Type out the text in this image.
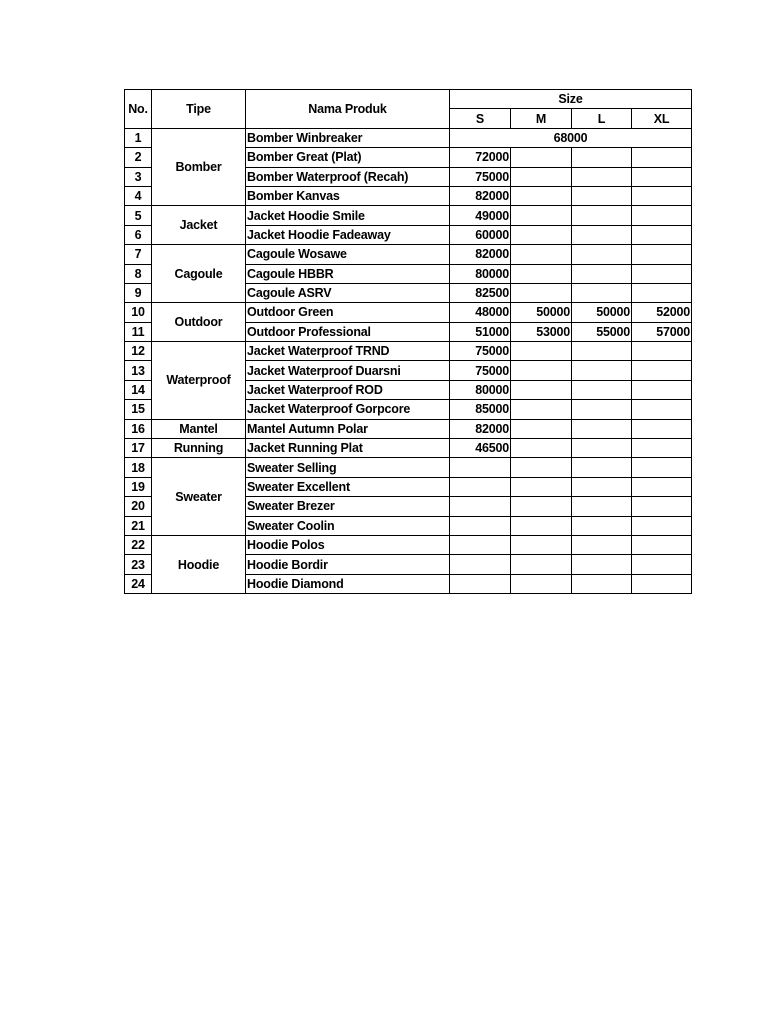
No.	Tipe	Nama Produk	Size			
			S	M	L	XL
1	Bomber	Bomber Winbreaker	68000			
2		Bomber Great (Plat)	72000			
3		Bomber Waterproof (Recah)	75000			
4		Bomber Kanvas	82000			
5	Jacket	Jacket Hoodie Smile	49000			
6		Jacket Hoodie Fadeaway	60000			
7	Cagoule	Cagoule Wosawe	82000			
8		Cagoule HBBR	80000			
9		Cagoule ASRV	82500			
10	Outdoor	Outdoor Green	48000	50000	50000	52000
11		Outdoor Professional	51000	53000	55000	57000
12	Waterproof	Jacket Waterproof TRND	75000			
13		Jacket Waterproof Duarsni	75000			
14		Jacket Waterproof ROD	80000			
15		Jacket Waterproof Gorpcore	85000			
16	Mantel	Mantel Autumn Polar	82000			
17	Running	Jacket Running Plat	46500			
18	Sweater	Sweater Selling				
19		Sweater Excellent				
20		Sweater Brezer				
21		Sweater Coolin				
22	Hoodie	Hoodie Polos				
23		Hoodie Bordir				
24		Hoodie Diamond				
